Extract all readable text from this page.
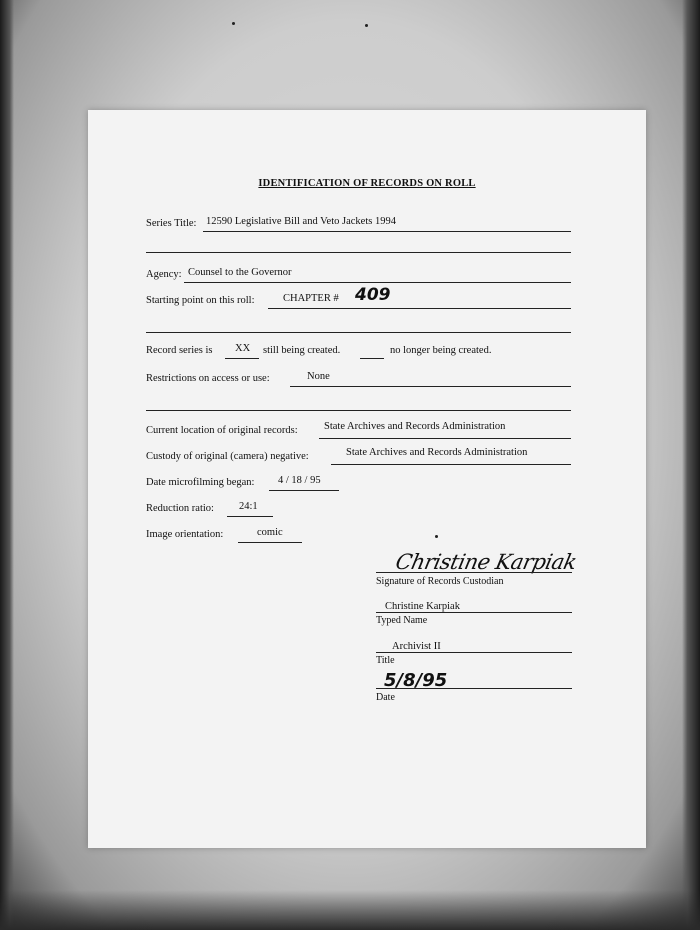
IDENTIFICATION OF RECORDS ON ROLL
Series Title: 12590 Legislative Bill and Veto Jackets 1994
Agency: Counsel to the Governor
Starting point on this roll:	CHAPTER # 409
Record series is XX still being created.	no longer being created.
Restrictions on access or use:	None
Current location of original records:	State Archives and Records Administration
Custody of original (camera) negative:	State Archives and Records Administration
Date microfilming began: 4 / 18 / 95
Reduction ratio: 24:1
Image orientation:	comic
Christine Karpiak
Signature of Records Custodian
Christine Karpiak
Typed Name
Archivist II
Title
5/8/95
Date
